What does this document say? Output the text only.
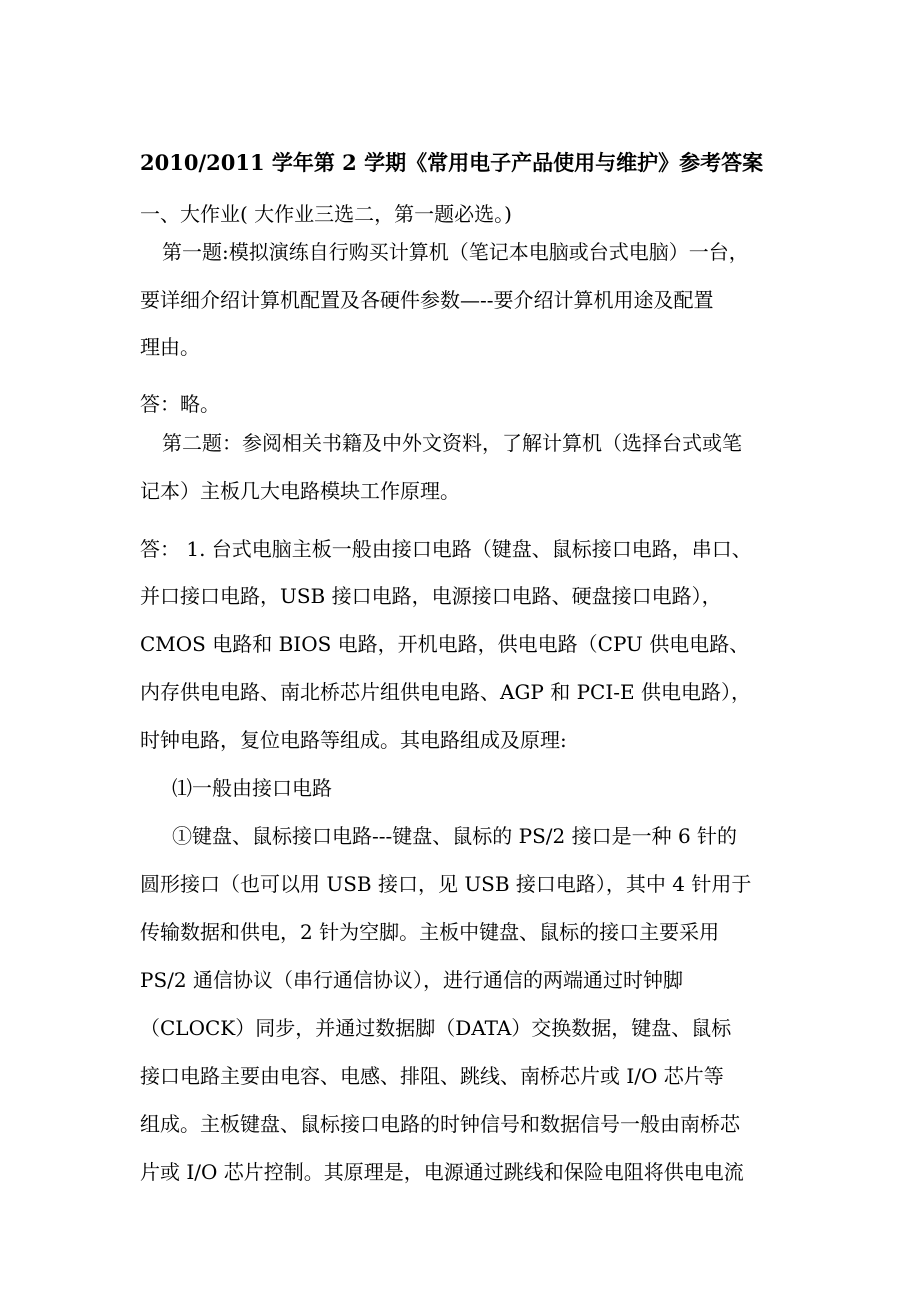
2010/2011 学年第 2 学期《常用电子产品使用与维护》参考答案
一、大作业( 大作业三选二，第一题必选。)
第一题:模拟演练自行购买计算机（笔记本电脑或台式电脑）一台，
要详细介绍计算机配置及各硬件参数—--要介绍计算机用途及配置
理由。
答：略。
第二题：参阅相关书籍及中外文资料，了解计算机（选择台式或笔
记本）主板几大电路模块工作原理。
答： 1. 台式电脑主板一般由接口电路（键盘、鼠标接口电路，串口、
并口接口电路，USB 接口电路，电源接口电路、硬盘接口电路），
CMOS 电路和 BIOS 电路，开机电路，供电电路（CPU 供电电路、
内存供电电路、南北桥芯片组供电电路、AGP 和 PCI-E 供电电路），
时钟电路，复位电路等组成。其电路组成及原理:
⑴一般由接口电路
①键盘、鼠标接口电路---键盘、鼠标的 PS/2 接口是一种 6 针的
圆形接口（也可以用 USB 接口，见 USB 接口电路），其中 4 针用于
传输数据和供电，2 针为空脚。主板中键盘、鼠标的接口主要采用
PS/2 通信协议（串行通信协议），进行通信的两端通过时钟脚
（CLOCK）同步，并通过数据脚（DATA）交换数据，键盘、鼠标
接口电路主要由电容、电感、排阻、跳线、南桥芯片或 I/O 芯片等
组成。主板键盘、鼠标接口电路的时钟信号和数据信号一般由南桥芯
片或 I/O 芯片控制。其原理是，电源通过跳线和保险电阻将供电电流
